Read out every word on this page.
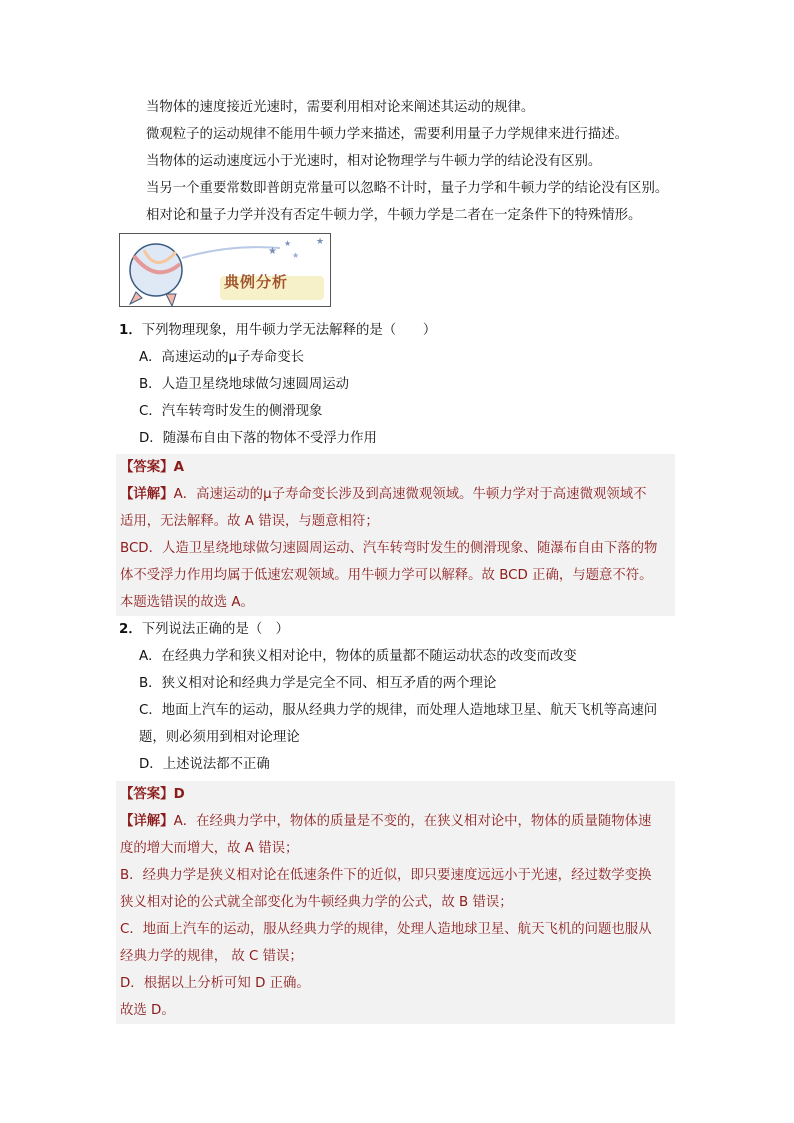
当物体的速度接近光速时，需要利用相对论来阐述其运动的规律。

微观粒子的运动规律不能用牛顿力学来描述，需要利用量子力学规律来进行描述。

当物体的运动速度远小于光速时，相对论物理学与牛顿力学的结论没有区别。

当另一个重要常数即普朗克常量可以忽略不计时，量子力学和牛顿力学的结论没有区别。

相对论和量子力学并没有否定牛顿力学，牛顿力学是二者在一定条件下的特殊情形。

★
★
★
★
典例分析

1．下列物理现象，用牛顿力学无法解释的是（　　）

A．高速运动的μ子寿命变长

B．人造卫星绕地球做匀速圆周运动

C．汽车转弯时发生的侧滑现象

D．随瀑布自由下落的物体不受浮力作用

【答案】A

【详解】A．高速运动的μ子寿命变长涉及到高速微观领域。牛顿力学对于高速微观领域不

适用，无法解释。故 A 错误，与题意相符；

BCD．人造卫星绕地球做匀速圆周运动、汽车转弯时发生的侧滑现象、随瀑布自由下落的物

体不受浮力作用均属于低速宏观领域。用牛顿力学可以解释。故 BCD 正确，与题意不符。

本题选错误的故选 A。

2．下列说法正确的是（　）

A．在经典力学和狭义相对论中，物体的质量都不随运动状态的改变而改变

B．狭义相对论和经典力学是完全不同、相互矛盾的两个理论

C．地面上汽车的运动，服从经典力学的规律，而处理人造地球卫星、航天飞机等高速问

题，则必须用到相对论理论

D．上述说法都不正确

【答案】D

【详解】A．在经典力学中，物体的质量是不变的，在狭义相对论中，物体的质量随物体速

度的增大而增大，故 A 错误；

B．经典力学是狭义相对论在低速条件下的近似，即只要速度远远小于光速，经过数学变换

狭义相对论的公式就全部变化为牛顿经典力学的公式，故 B 错误；

C．地面上汽车的运动，服从经典力学的规律，处理人造地球卫星、航天飞机的问题也服从

经典力学的规律， 故 C 错误；

D．根据以上分析可知 D 正确。

故选 D。
